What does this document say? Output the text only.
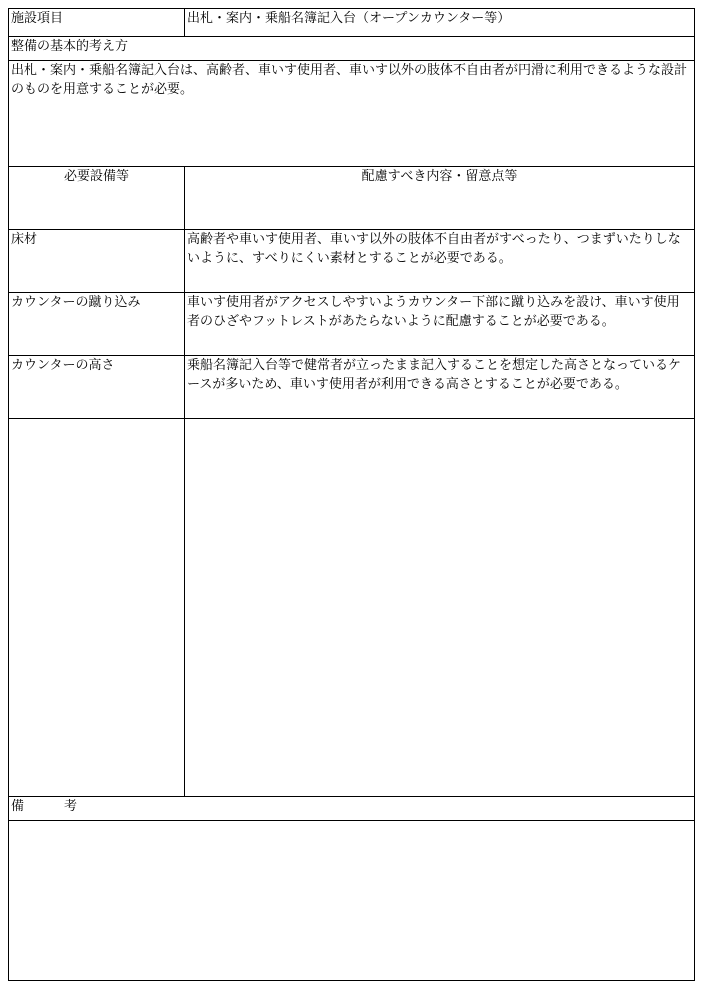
施設項目	出札・案内・乗船名簿記入台（オープンカウンター等）
整備の基本的考え方	
出札・案内・乗船名簿記入台は、高齢者、車いす使用者、車いす以外の肢体不自由者が円滑に利用できるような設計のものを用意することが必要。	
必要設備等	配慮すべき内容・留意点等
床材	高齢者や車いす使用者、車いす以外の肢体不自由者がすべったり、つまずいたりしないように、すべりにくい素材とすることが必要である。
カウンターの蹴り込み	車いす使用者がアクセスしやすいようカウンター下部に蹴り込みを設け、車いす使用者のひざやフットレストがあたらないように配慮することが必要である。
カウンターの高さ	乗船名簿記入台等で健常者が立ったまま記入することを想定した高さとなっているケースが多いため、車いす使用者が利用できる高さとすることが必要である。

備 考	
